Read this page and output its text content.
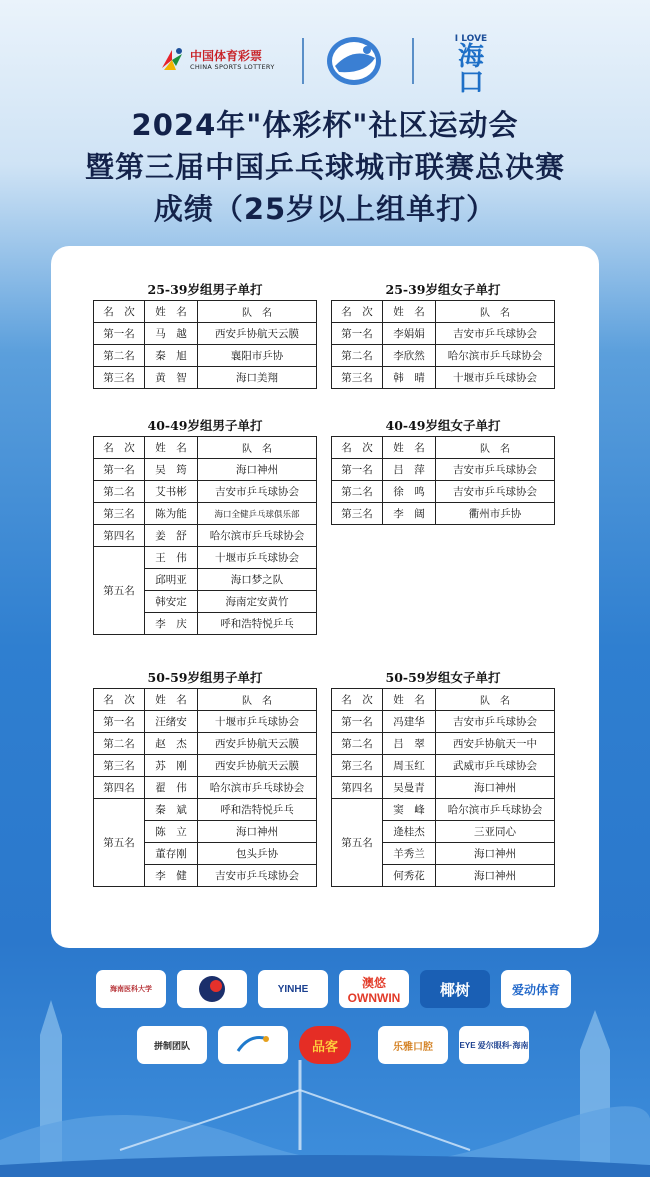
中国体育彩票
CHINA SPORTS LOTTERY
I LOVE
海口
2024年"体彩杯"社区运动会
暨第三届中国乒乓球城市联赛总决赛
成绩（25岁以上组单打）
25-39岁组男子单打
名　次	姓　名	队　名
第一名	马　越	西安乒协航天云膜
第二名	秦　旭	襄阳市乒协
第三名	黄　智	海口美翔
25-39岁组女子单打
名　次	姓　名	队　名
第一名	李娟娟	吉安市乒乓球协会
第二名	李欣然	哈尔滨市乒乓球协会
第三名	韩　晴	十堰市乒乓球协会
40-49岁组男子单打
名　次	姓　名	队　名
第一名	吴　筠	海口神州
第二名	艾书彬	吉安市乒乓球协会
第三名	陈为能	海口全健乒乓球俱乐部
第四名	姜　舒	哈尔滨市乒乓球协会
第五名	王　伟	十堰市乒乓球协会
	邱明亚	海口梦之队
	韩安定	海南定安黄竹
	李　庆	呼和浩特悦乒乓
40-49岁组女子单打
名　次	姓　名	队　名
第一名	吕　萍	吉安市乒乓球协会
第二名	徐　鸣	吉安市乒乓球协会
第三名	李　阔	衢州市乒协
50-59岁组男子单打
名　次	姓　名	队　名
第一名	汪绪安	十堰市乒乓球协会
第二名	赵　杰	西安乒协航天云膜
第三名	苏　刚	西安乒协航天云膜
第四名	翟　伟	哈尔滨市乒乓球协会
第五名	秦　斌	呼和浩特悦乒乓
	陈　立	海口神州
	董存刚	包头乒协
	李　健	吉安市乒乓球协会
50-59岁组女子单打
名　次	姓　名	队　名
第一名	冯建华	吉安市乒乓球协会
第二名	吕　翠	西安乒协航天一中
第三名	周玉红	武威市乒乓球协会
第四名	吴曼青	海口神州
第五名	窦　峰	哈尔滨市乒乓球协会
	逄桂杰	三亚同心
	羊秀兰	海口神州
	何秀花	海口神州
海南医科大学	YINHE	澳悠 OWNWIN	椰树	爱动体育
拼制团队	品客	乐雅口腔	EYE 爱尔眼科·海南
